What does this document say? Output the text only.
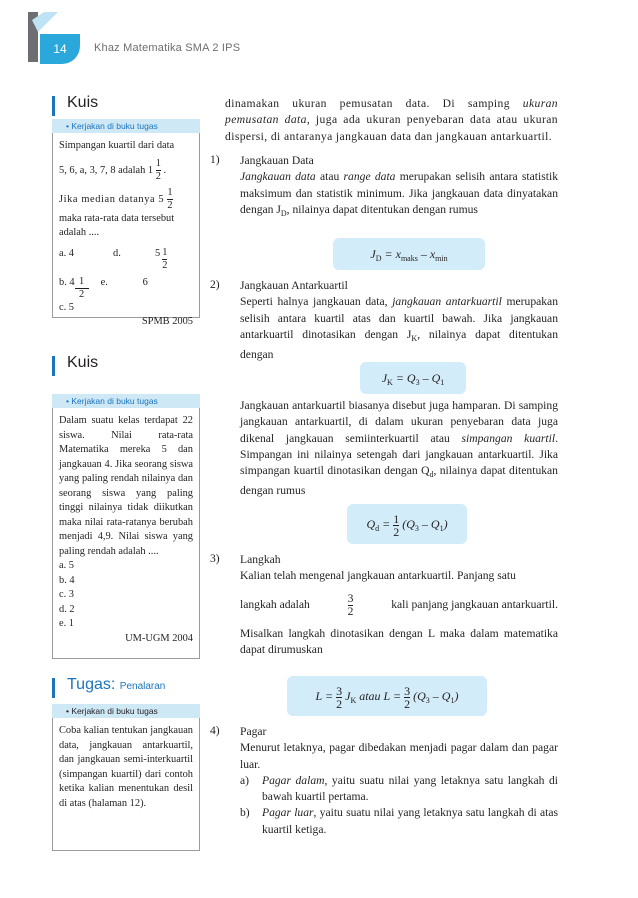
14	Khaz Matematika SMA 2 IPS
Kuis
• Kerjakan di buku tugas
Simpangan kuartil dari data
5, 6, a, 3, 7, 8 adalah $1 \frac{1}{2}$ .
Jika median datanya $5 \frac{1}{2}$
maka rata-rata data tersebut adalah ....
a. 4	d.	$5 \frac{1}{2}$
b. $4 \frac{1}{2} e$.	6
c. 5
SPMB 2005
Kuis
• Kerjakan di buku tugas
Dalam suatu kelas terdapat 22 siswa. Nilai rata-rata Matematika mereka 5 dan jangkauan 4. Jika seorang siswa yang paling rendah nilainya dan seorang siswa yang paling tinggi nilainya tidak diikutkan maka nilai rata-ratanya berubah menjadi 4,9. Nilai siswa yang paling rendah adalah ....
a. 5
b. 4
c. 3
d. 2
e. 1
UM-UGM 2004
Tugas: Penalaran
• Kerjakan di buku tugas
Coba kalian tentukan jangkauan data, jangkauan antarkuartil, dan jangkauan semi-interkuartil (simpangan kuartil) dari contoh ketika kalian menentukan desil di atas (halaman 12).
dinamakan ukuran pemusatan data. Di samping ukuran pemusatan data, juga ada ukuran penyebaran data atau ukuran dispersi, di antaranya jangkauan data dan jangkauan antarkuartil.
1) Jangkauan Data
Jangkauan data atau range data merupakan selisih antara statistik maksimum dan statistik minimum. Jika jangkauan data dinyatakan dengan $J_D$, nilainya dapat ditentukan dengan rumus
$J_D = x_{maks} - x_{min}$
2) Jangkauan Antarkuartil
Seperti halnya jangkauan data, jangkauan antarkuartil merupakan selisih antara kuartil atas dan kuartil bawah. Jika jangkauan antarkuartil dinotasikan dengan $J_K$, nilainya dapat ditentukan dengan
$J_K = Q_3 - Q_1$
Jangkauan antarkuartil biasanya disebut juga hamparan. Di samping jangkauan antarkuartil, di dalam ukuran penyebaran data juga dikenal jangkauan semiinterkuartil atau simpangan kuartil. Simpangan ini nilainya setengah dari jangkauan antarkuartil. Jika simpangan kuartil dinotasikan dengan $Q_d$, nilainya dapat ditentukan dengan rumus
$Q_d = \frac{1}{2} (Q_3 - Q_1)$
3) Langkah
Kalian telah mengenal jangkauan antarkuartil. Panjang satu
langkah adalah	$\frac{3}{2}$	kali panjang jangkauan antarkuartil.
Misalkan langkah dinotasikan dengan L maka dalam matematika dapat dirumuskan
$L = \frac{3}{2} J_K$ atau $L = \frac{3}{2} (Q_3 - Q_1)$
4) Pagar
Menurut letaknya, pagar dibedakan menjadi pagar dalam dan pagar luar.
a)	Pagar dalam, yaitu suatu nilai yang letaknya satu langkah di bawah kuartil pertama.
b)	Pagar luar, yaitu suatu nilai yang letaknya satu langkah di atas kuartil ketiga.
